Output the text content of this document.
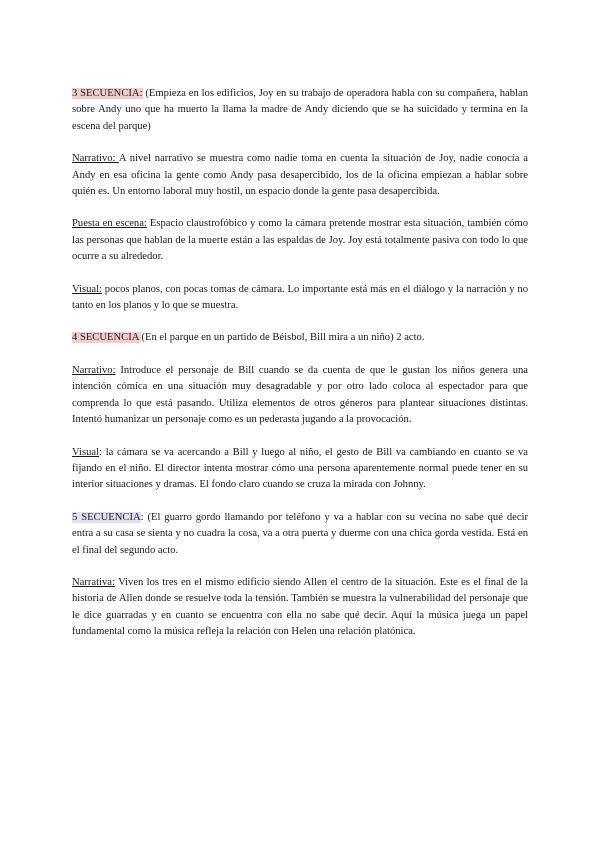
3 SECUENCIA: (Empieza en los edificios, Joy en su trabajo de operadora habla con su compañera, hablan sobre Andy uno que ha muerto la llama la madre de Andy diciendo que se ha suicidado y termina en la escena del parque)

Narrativo: A nivel narrativo se muestra como nadie toma en cuenta la situación de Joy, nadie conocía a Andy en esa oficina la gente como Andy pasa desapercibido, los de la oficina empiezan a hablar sobre quién es. Un entorno laboral muy hostil, un espacio donde la gente pasa desapercibida.

Puesta en escena: Espacio claustrofóbico y como la cámara pretende mostrar esta situación, también cómo las personas que hablan de la muerte están a las espaldas de Joy. Joy está totalmente pasiva con todo lo que ocurre a su alrededor.

Visual: pocos planos, con pocas tomas de cámara. Lo importante está más en el diálogo y la narración y no tanto en los planos y lo que se muestra.

4 SECUENCIA (En el parque en un partido de Béisbol, Bill mira a un niño) 2 acto.

Narrativo: Introduce el personaje de Bill cuando se da cuenta de que le gustan los niños genera una intención cómica en una situación muy desagradable y por otro lado coloca al espectador para que comprenda lo que está pasando. Utiliza elementos de otros géneros para plantear situaciones distintas. Intentó humanizar un personaje como es un pederasta jugando a la provocación.

Visual: la cámara se va acercando a Bill y luego al niño, el gesto de Bill va cambiando en cuanto se va fijando en el niño. El director intenta mostrar cómo una persona aparentemente normal puede tener en su interior situaciones y dramas. El fondo claro cuando se cruza la mirada con Johnny.

5 SECUENCIA: (El guarro gordo llamando por teléfono y va a hablar con su vecina no sabe qué decir entra a su casa se sienta y no cuadra la cosa, va a otra puerta y duerme con una chica gorda vestida. Está en el final del segundo acto.

Narrativa: Viven los tres en el mismo edificio siendo Allen el centro de la situación. Este es el final de la historia de Allen donde se resuelve toda la tensión. También se muestra la vulnerabilidad del personaje que le dice guarradas y en cuanto se encuentra con ella no sabe qué decir. Aquí la música juega un papel fundamental como la música refleja la relación con Helen una relación platónica.
